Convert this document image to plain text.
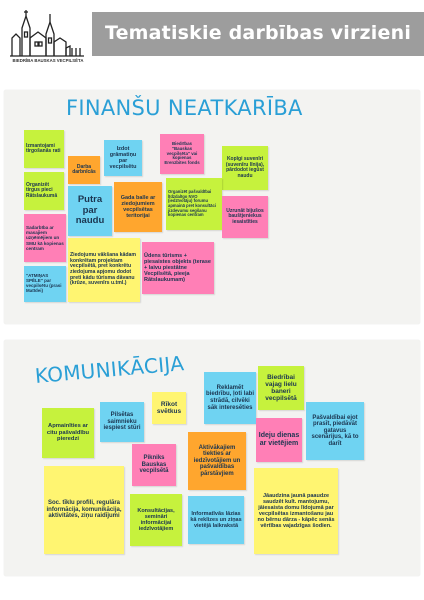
BIEDRĪBA BAUSKAS VECPILSĒTA
Tematiskie darbības virzieni
FINANŠU NEATKARĪBA
Izmantojami tirgošanās rati
Darba darbnīcās
Izdot grāmatiņu par vecpilsētu
Biedrības "Bauskas vecpilsēta" vai kopienas Erenzbites fonds
Kopīgi suvenīri (suvenīru līnija), pārdodot iegūst naudu
Organizēt tirgus pieci Rātslaukumā	Putra par naudu
Gada balle ar ziedojumiem vecpilsētas teritorijai
Organizēt pašvaldībai līdzdalīgo NVO (iedzīvotāju) forumu apmainā pret konsultāci jizdevumu segšanu kopienas centram
Uzrunāt bijušos bauštjeniekus iesaistīties
Sadarbība ar masajiem uzņēmējiem un SMU kā kopienas centram
Ziedojumu vākšana kādam konkrētam projektam vecpilsētā, pret konkrētu ziedojuma apjomu dodot preti kādu tūrisma dāvanu (krūze, suvenīrs u.tml.)
Ūdens tūrisms + piesaistes objekts (terase + laivu piestātne Vecpilsētā, pieeja Rātslaukumam)
"ATMIŅAS SPĒLE" par vecpilsētu (prasi Matīdei)
KOMUNIKĀCIJA	Reklamēt biedrību, ļoti labi strādā, cilvēki sāk interesēties
Biedrībai vajag lielu baneri vecpilsētā
Rīkot svētkus
Pilsētas saimnieku iespiest stūri
Apmainīties ar citu pašvaldību pieredzi
Pašvaldībai ejot prasīt, piedāvāt gatavus scenārijus, kā to darīt
Ideju dienas ar vietējiem
Aktivākajiem tiekties ar iedzīvotājiem un pašvaldības pārstāvjiem
Pikniks Bauskas vecpilsētā
Soc. tīklu profili, regulāra informācija, komunikācija, aktivitātes, ziņu raidījumi
Jāaudzina jaunā paaudze saudzēt kult. mantojumu, jāiesaista domu līdojumā par vecpilsētas izmantošanu jau no bērnu dārza - kāpēc senās vērtības vajadzīgas šodien.
Konsultācijas, semināri informācijai iedzīvotājiem
Informatīvās lāzias kā reklizes un ziņas vietējā laikrakstā
